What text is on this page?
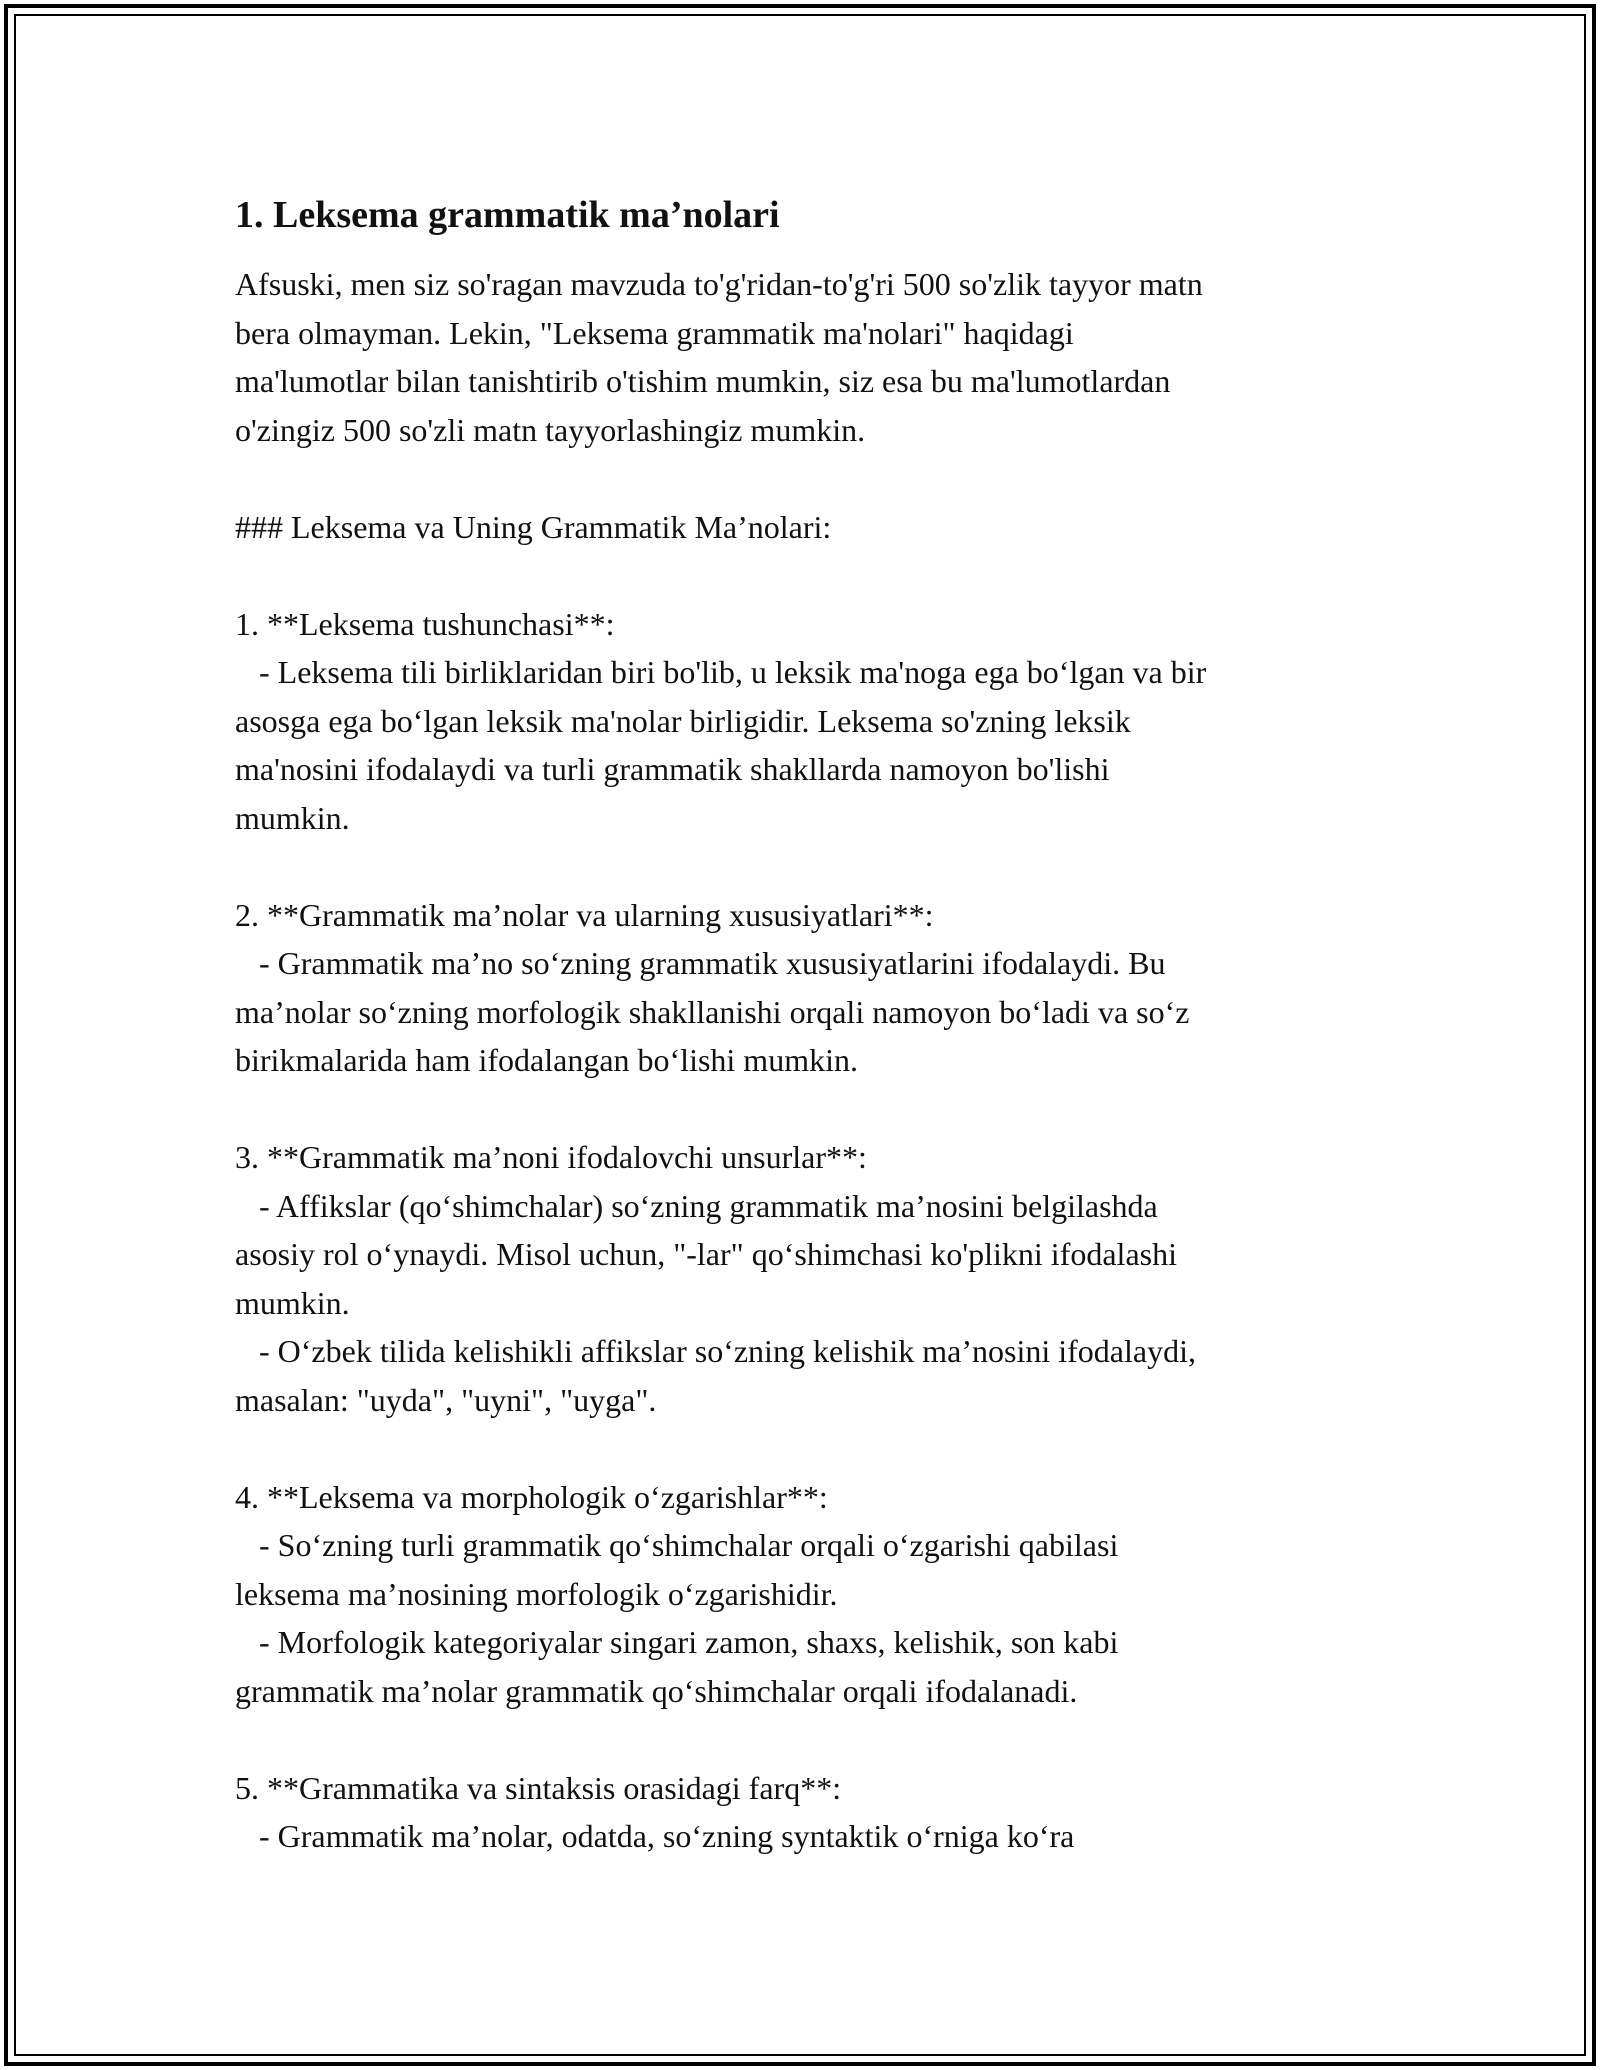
1. Leksema grammatik ma’nolari
Afsuski, men siz so'ragan mavzuda to'g'ridan-to'g'ri 500 so'zlik tayyor matn
bera olmayman. Lekin, "Leksema grammatik ma'nolari" haqidagi
ma'lumotlar bilan tanishtirib o'tishim mumkin, siz esa bu ma'lumotlardan
o'zingiz 500 so'zli matn tayyorlashingiz mumkin.
### Leksema va Uning Grammatik Ma’nolari:
1. **Leksema tushunchasi**:
- Leksema tili birliklaridan biri bo'lib, u leksik ma'noga ega bo‘lgan va bir
asosga ega bo‘lgan leksik ma'nolar birligidir. Leksema so'zning leksik
ma'nosini ifodalaydi va turli grammatik shakllarda namoyon bo'lishi
mumkin.
2. **Grammatik ma’nolar va ularning xususiyatlari**:
- Grammatik ma’no so‘zning grammatik xususiyatlarini ifodalaydi. Bu
ma’nolar so‘zning morfologik shakllanishi orqali namoyon bo‘ladi va so‘z
birikmalarida ham ifodalangan bo‘lishi mumkin.
3. **Grammatik ma’noni ifodalovchi unsurlar**:
- Affikslar (qo‘shimchalar) so‘zning grammatik ma’nosini belgilashda
asosiy rol o‘ynaydi. Misol uchun, "-lar" qo‘shimchasi ko'plikni ifodalashi
mumkin.
- O‘zbek tilida kelishikli affikslar so‘zning kelishik ma’nosini ifodalaydi,
masalan: "uyda", "uyni", "uyga".
4. **Leksema va morphologik o‘zgarishlar**:
- So‘zning turli grammatik qo‘shimchalar orqali o‘zgarishi qabilasi
leksema ma’nosining morfologik o‘zgarishidir.
- Morfologik kategoriyalar singari zamon, shaxs, kelishik, son kabi
grammatik ma’nolar grammatik qo‘shimchalar orqali ifodalanadi.
5. **Grammatika va sintaksis orasidagi farq**:
- Grammatik ma’nolar, odatda, so‘zning syntaktik o‘rniga ko‘ra
